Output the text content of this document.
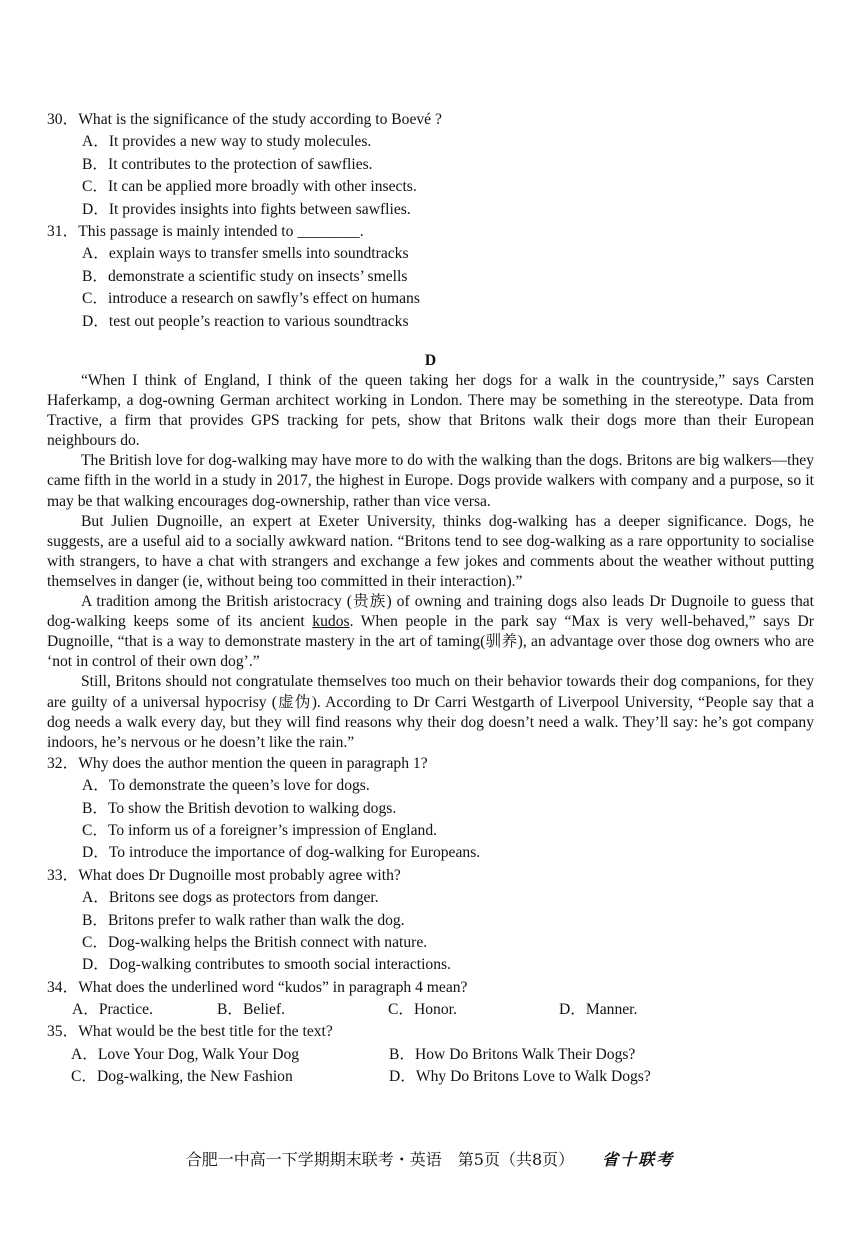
30．What is the significance of the study according to Boevé ?
A．It provides a new way to study molecules.
B．It contributes to the protection of sawflies.
C．It can be applied more broadly with other insects.
D．It provides insights into fights between sawflies.
31．This passage is mainly intended to ________.
A．explain ways to transfer smells into soundtracks
B．demonstrate a scientific study on insects’ smells
C．introduce a research on sawfly’s effect on humans
D．test out people’s reaction to various soundtracks
D

“When I think of England, I think of the queen taking her dogs for a walk in the countryside,” says Carsten Haferkamp, a dog-owning German architect working in London. There may be something in the stereotype. Data from Tractive, a firm that provides GPS tracking for pets, show that Britons walk their dogs more than their European neighbours do.

The British love for dog-walking may have more to do with the walking than the dogs. Britons are big walkers—they came fifth in the world in a study in 2017, the highest in Europe. Dogs provide walkers with company and a purpose, so it may be that walking encourages dog-ownership, rather than vice versa.

But Julien Dugnoille, an expert at Exeter University, thinks dog-walking has a deeper significance. Dogs, he suggests, are a useful aid to a socially awkward nation. “Britons tend to see dog-walking as a rare opportunity to socialise with strangers, to have a chat with strangers and exchange a few jokes and comments about the weather without putting themselves in danger (ie, without being too committed in their interaction).”

A tradition among the British aristocracy (贵族) of owning and training dogs also leads Dr Dugnoile to guess that dog-walking keeps some of its ancient kudos. When people in the park say “Max is very well-behaved,” says Dr Dugnoille, “that is a way to demonstrate mastery in the art of taming(驯养), an advantage over those dog owners who are ‘not in control of their own dog’.”

Still, Britons should not congratulate themselves too much on their behavior towards their dog companions, for they are guilty of a universal hypocrisy (虚伪). According to Dr Carri Westgarth of Liverpool University, “People say that a dog needs a walk every day, but they will find reasons why their dog doesn’t need a walk. They’ll say: he’s got company indoors, he’s nervous or he doesn’t like the rain.”

32．Why does the author mention the queen in paragraph 1?
A．To demonstrate the queen’s love for dogs.
B．To show the British devotion to walking dogs.
C．To inform us of a foreigner’s impression of England.
D．To introduce the importance of dog-walking for Europeans.
33．What does Dr Dugnoille most probably agree with?
A．Britons see dogs as protectors from danger.
B．Britons prefer to walk rather than walk the dog.
C．Dog-walking helps the British connect with nature.
D．Dog-walking contributes to smooth social interactions.
34．What does the underlined word “kudos” in paragraph 4 mean?
A．Practice.	B．Belief.	C．Honor.	D．Manner.
35．What would be the best title for the text?
A．Love Your Dog, Walk Your Dog	B．How Do Britons Walk Their Dogs?
C．Dog-walking, the New Fashion	D．Why Do Britons Love to Walk Dogs?
合肥一中高一下学期期末联考・英语　第5页（共8页） 省十联考
